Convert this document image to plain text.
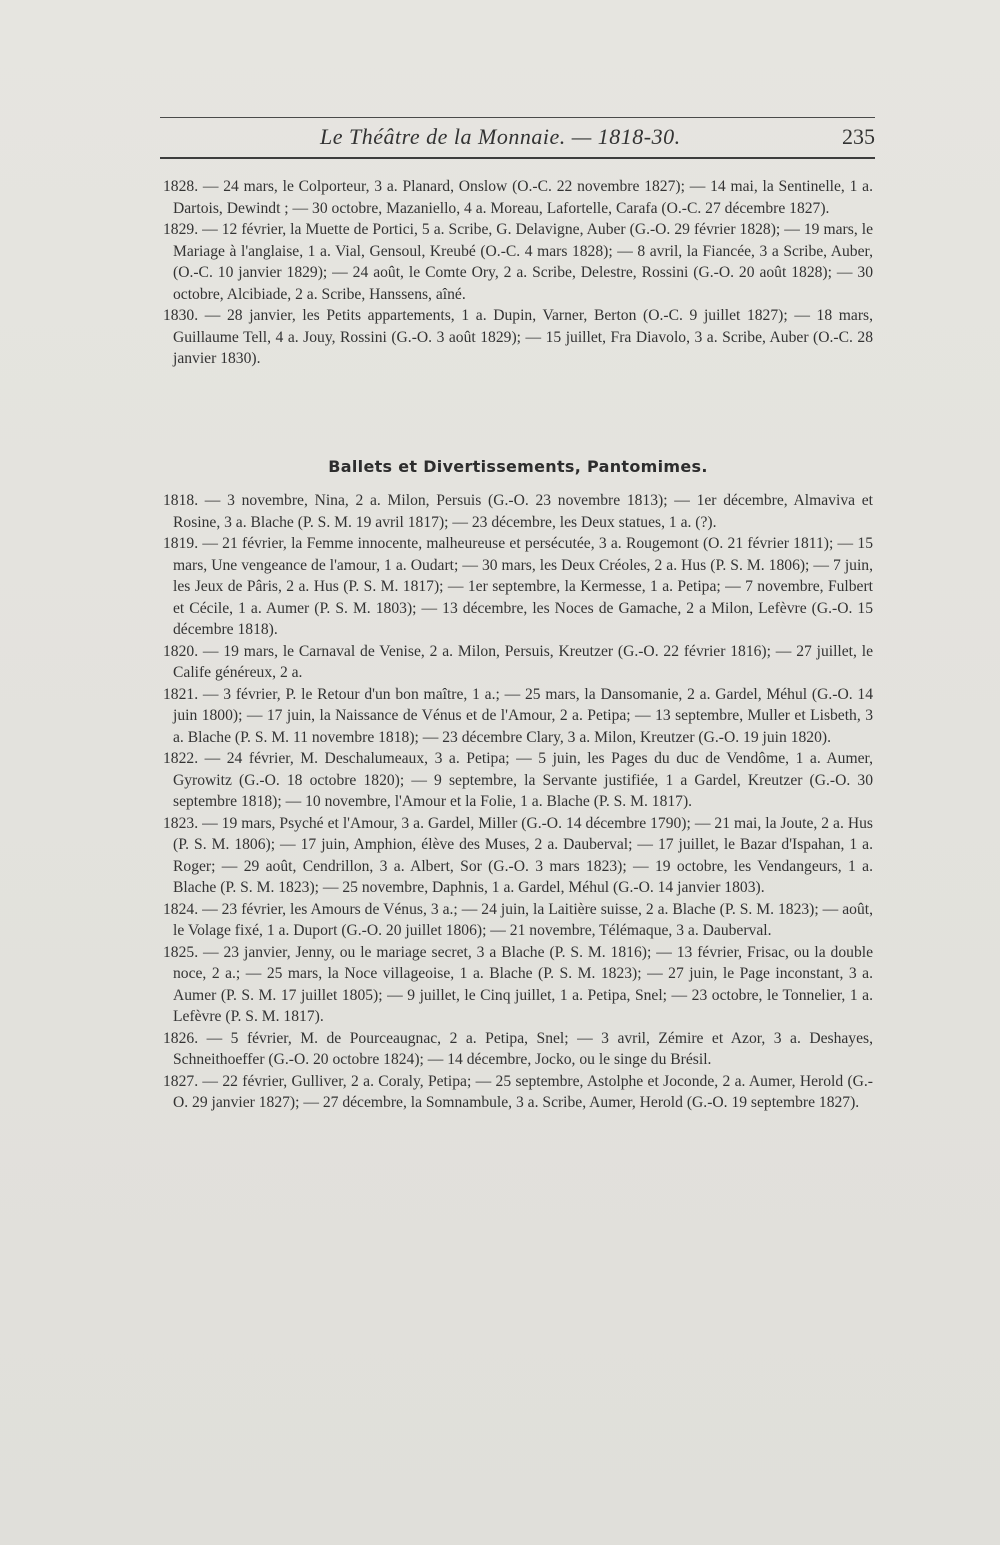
Le Théâtre de la Monnaie. — 1818-30.	235

1828. — 24 mars, le Colporteur, 3 a. Planard, Onslow (O.-C. 22 novembre 1827); — 14 mai, la Sentinelle, 1 a. Dartois, Dewindt ; — 30 octobre, Mazaniello, 4 a. Moreau, Lafortelle, Carafa (O.-C. 27 décembre 1827).

1829. — 12 février, la Muette de Portici, 5 a. Scribe, G. Delavigne, Auber (G.-O. 29 février 1828); — 19 mars, le Mariage à l'anglaise, 1 a. Vial, Gensoul, Kreubé (O.-C. 4 mars 1828); — 8 avril, la Fiancée, 3 a Scribe, Auber, (O.-C. 10 janvier 1829); — 24 août, le Comte Ory, 2 a. Scribe, Delestre, Rossini (G.-O. 20 août 1828); — 30 octobre, Alcibiade, 2 a. Scribe, Hanssens, aîné.

1830. — 28 janvier, les Petits appartements, 1 a. Dupin, Varner, Berton (O.-C. 9 juillet 1827); — 18 mars, Guillaume Tell, 4 a. Jouy, Rossini (G.-O. 3 août 1829); — 15 juillet, Fra Diavolo, 3 a. Scribe, Auber (O.-C. 28 janvier 1830).

Ballets et Divertissements, Pantomimes.

1818. — 3 novembre, Nina, 2 a. Milon, Persuis (G.-O. 23 novembre 1813); — 1er décembre, Almaviva et Rosine, 3 a. Blache (P. S. M. 19 avril 1817); — 23 décembre, les Deux statues, 1 a. (?).

1819. — 21 février, la Femme innocente, malheureuse et persécutée, 3 a. Rougemont (O. 21 février 1811); — 15 mars, Une vengeance de l'amour, 1 a. Oudart; — 30 mars, les Deux Créoles, 2 a. Hus (P. S. M. 1806); — 7 juin, les Jeux de Pâris, 2 a. Hus (P. S. M. 1817); — 1er septembre, la Kermesse, 1 a. Petipa; — 7 novembre, Fulbert et Cécile, 1 a. Aumer (P. S. M. 1803); — 13 décembre, les Noces de Gamache, 2 a Milon, Lefèvre (G.-O. 15 décembre 1818).

1820. — 19 mars, le Carnaval de Venise, 2 a. Milon, Persuis, Kreutzer (G.-O. 22 février 1816); — 27 juillet, le Calife généreux, 2 a.

1821. — 3 février, P. le Retour d'un bon maître, 1 a.; — 25 mars, la Dansomanie, 2 a. Gardel, Méhul (G.-O. 14 juin 1800); — 17 juin, la Naissance de Vénus et de l'Amour, 2 a. Petipa; — 13 septembre, Muller et Lisbeth, 3 a. Blache (P. S. M. 11 novembre 1818); — 23 décembre Clary, 3 a. Milon, Kreutzer (G.-O. 19 juin 1820).

1822. — 24 février, M. Deschalumeaux, 3 a. Petipa; — 5 juin, les Pages du duc de Vendôme, 1 a. Aumer, Gyrowitz (G.-O. 18 octobre 1820); — 9 septembre, la Servante justifiée, 1 a Gardel, Kreutzer (G.-O. 30 septembre 1818); — 10 novembre, l'Amour et la Folie, 1 a. Blache (P. S. M. 1817).

1823. — 19 mars, Psyché et l'Amour, 3 a. Gardel, Miller (G.-O. 14 décembre 1790); — 21 mai, la Joute, 2 a. Hus (P. S. M. 1806); — 17 juin, Amphion, élève des Muses, 2 a. Dauberval; — 17 juillet, le Bazar d'Ispahan, 1 a. Roger; — 29 août, Cendrillon, 3 a. Albert, Sor (G.-O. 3 mars 1823); — 19 octobre, les Vendangeurs, 1 a. Blache (P. S. M. 1823); — 25 novembre, Daphnis, 1 a. Gardel, Méhul (G.-O. 14 janvier 1803).

1824. — 23 février, les Amours de Vénus, 3 a.; — 24 juin, la Laitière suisse, 2 a. Blache (P. S. M. 1823); — août, le Volage fixé, 1 a. Duport (G.-O. 20 juillet 1806); — 21 novembre, Télémaque, 3 a. Dauberval.

1825. — 23 janvier, Jenny, ou le mariage secret, 3 a Blache (P. S. M. 1816); — 13 février, Frisac, ou la double noce, 2 a.; — 25 mars, la Noce villageoise, 1 a. Blache (P. S. M. 1823); — 27 juin, le Page inconstant, 3 a. Aumer (P. S. M. 17 juillet 1805); — 9 juillet, le Cinq juillet, 1 a. Petipa, Snel; — 23 octobre, le Tonnelier, 1 a. Lefèvre (P. S. M. 1817).

1826. — 5 février, M. de Pourceaugnac, 2 a. Petipa, Snel; — 3 avril, Zémire et Azor, 3 a. Deshayes, Schneithoeffer (G.-O. 20 octobre 1824); — 14 décembre, Jocko, ou le singe du Brésil.

1827. — 22 février, Gulliver, 2 a. Coraly, Petipa; — 25 septembre, Astolphe et Joconde, 2 a. Aumer, Herold (G.-O. 29 janvier 1827); — 27 décembre, la Somnambule, 3 a. Scribe, Aumer, Herold (G.-O. 19 septembre 1827).
